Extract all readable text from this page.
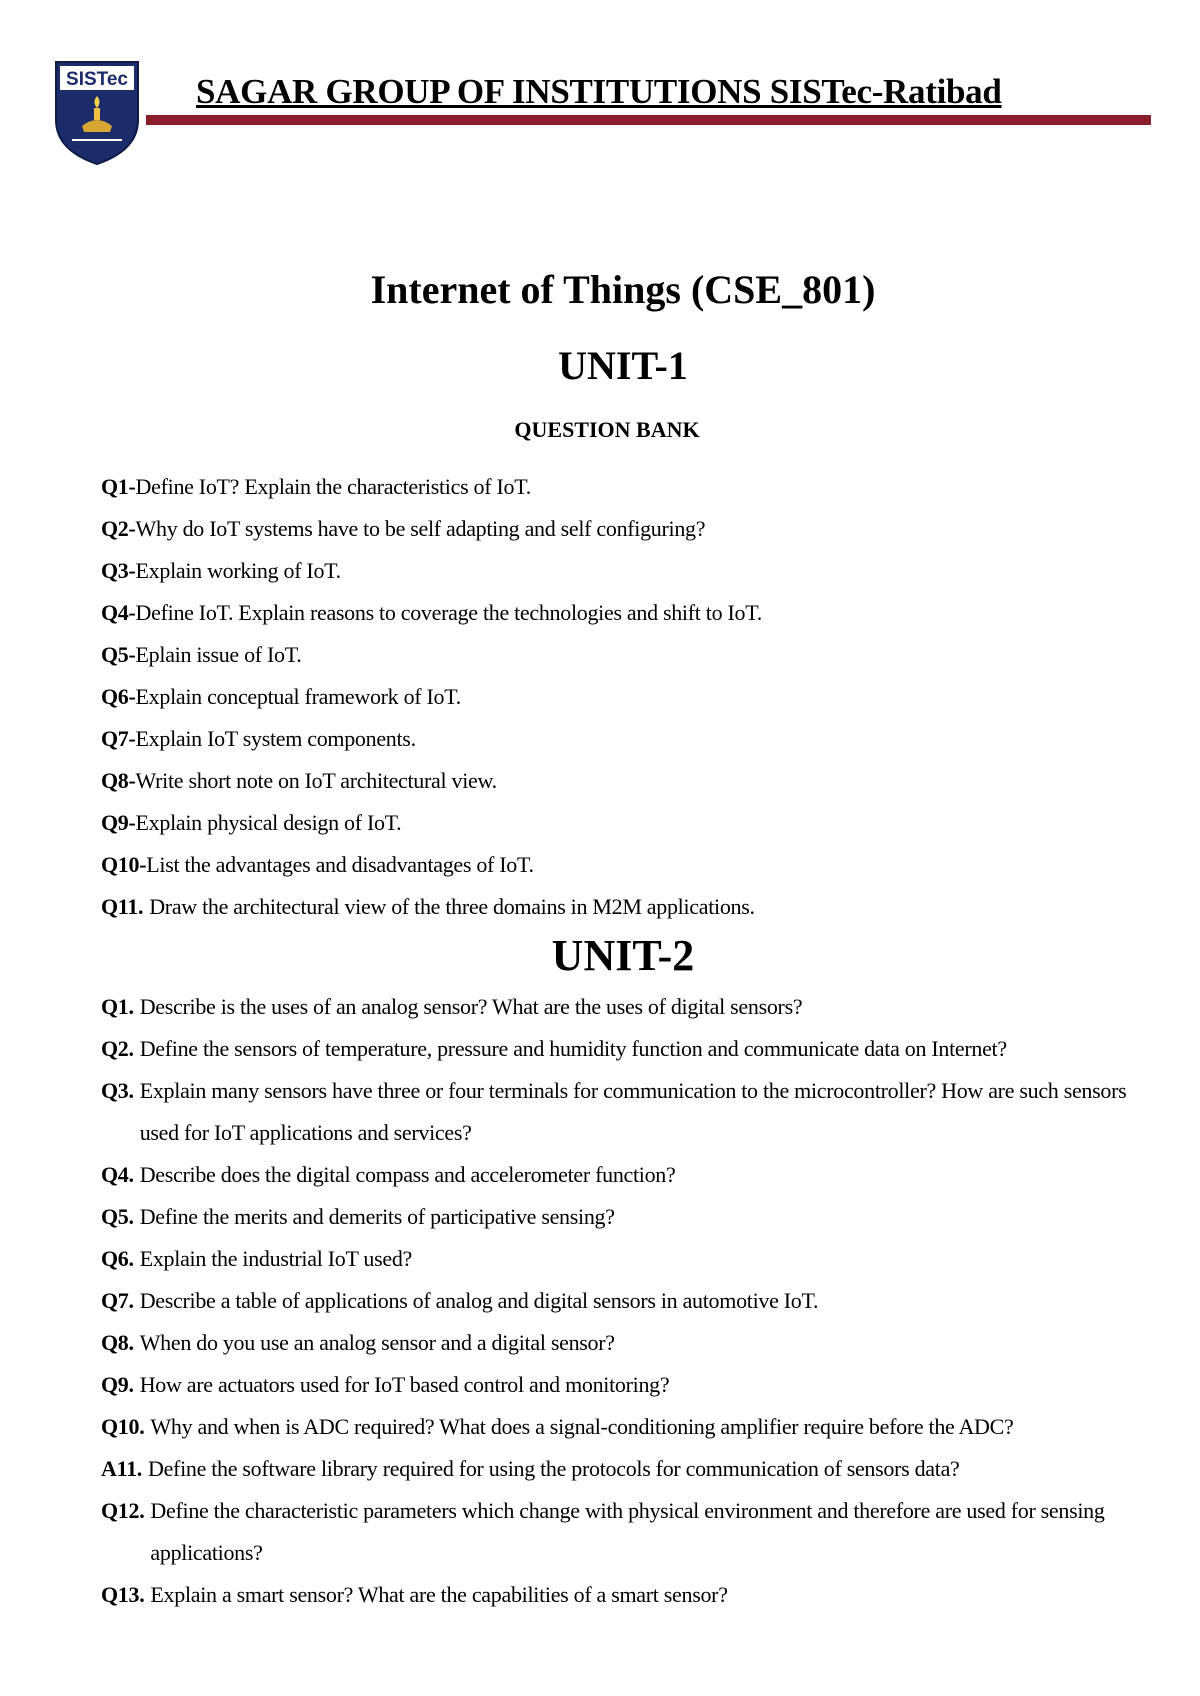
SISTec SAGAR GROUP OF INSTITUTIONS SISTec-Ratibad
Internet of Things (CSE_801)
UNIT-1
QUESTION BANK
Q1- Define IoT? Explain the characteristics of IoT.
Q2- Why do IoT systems have to be self adapting and self configuring?
Q3- Explain working of IoT.
Q4- Define IoT. Explain reasons to coverage the technologies and shift to IoT.
Q5- Eplain issue of IoT.
Q6- Explain conceptual framework of IoT.
Q7- Explain IoT system components.
Q8- Write short note on IoT architectural view.
Q9- Explain physical design of IoT.
Q10- List the advantages and disadvantages of IoT.
Q11. Draw the architectural view of the three domains in M2M applications.
UNIT-2
Q1. Describe is the uses of an analog sensor? What are the uses of digital sensors?
Q2. Define the sensors of temperature, pressure and humidity function and communicate data on Internet?
Q3. Explain many sensors have three or four terminals for communication to the microcontroller? How are such sensors used for IoT applications and services?
Q4. Describe does the digital compass and accelerometer function?
Q5. Define the merits and demerits of participative sensing?
Q6. Explain the industrial IoT used?
Q7. Describe a table of applications of analog and digital sensors in automotive IoT.
Q8. When do you use an analog sensor and a digital sensor?
Q9. How are actuators used for IoT based control and monitoring?
Q10. Why and when is ADC required? What does a signal-conditioning amplifier require before the ADC?
A11. Define the software library required for using the protocols for communication of sensors data?
Q12. Define the characteristic parameters which change with physical environment and therefore are used for sensing applications?
Q13. Explain a smart sensor? What are the capabilities of a smart sensor?
